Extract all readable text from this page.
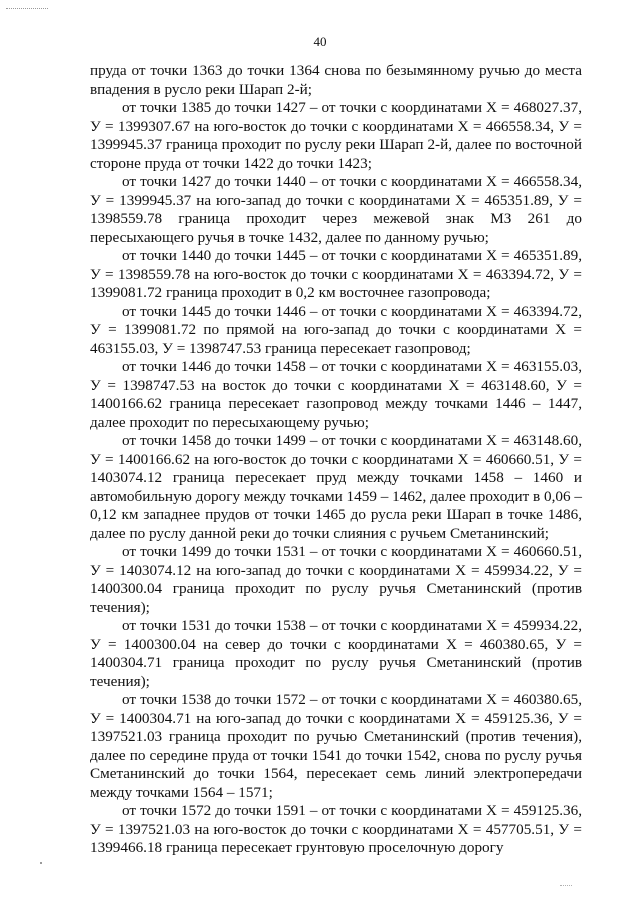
40

пруда от точки 1363 до точки 1364 снова по безымянному ручью до места впадения в русло реки Шарап 2-й;

от точки 1385 до точки 1427 – от точки с координатами Х = 468027.37, У = 1399307.67 на юго-восток до точки с координатами Х = 466558.34, У = 1399945.37 граница проходит по руслу реки Шарап 2-й, далее по восточной стороне пруда от точки 1422 до точки 1423;

от точки 1427 до точки 1440 – от точки с координатами Х = 466558.34, У = 1399945.37 на юго-запад до точки с координатами Х = 465351.89, У = 1398559.78 граница проходит через межевой знак МЗ 261 до пересыхающего ручья в точке 1432, далее по данному ручью;

от точки 1440 до точки 1445 – от точки с координатами Х = 465351.89, У = 1398559.78 на юго-восток до точки с координатами Х = 463394.72, У = 1399081.72 граница проходит в 0,2 км восточнее газопровода;

от точки 1445 до точки 1446 – от точки с координатами Х = 463394.72, У = 1399081.72 по прямой на юго-запад до точки с координатами Х = 463155.03, У = 1398747.53 граница пересекает газопровод;

от точки 1446 до точки 1458 – от точки с координатами Х = 463155.03, У = 1398747.53 на восток до точки с координатами Х = 463148.60, У = 1400166.62 граница пересекает газопровод между точками 1446 – 1447, далее проходит по пересыхающему ручью;

от точки 1458 до точки 1499 – от точки с координатами Х = 463148.60, У = 1400166.62 на юго-восток до точки с координатами Х = 460660.51, У = 1403074.12 граница пересекает пруд между точками 1458 – 1460 и автомобильную дорогу между точками 1459 – 1462, далее проходит в 0,06 – 0,12 км западнее прудов от точки 1465 до русла реки Шарап в точке 1486, далее по руслу данной реки до точки слияния с ручьем Сметанинский;

от точки 1499 до точки 1531 – от точки с координатами Х = 460660.51, У = 1403074.12 на юго-запад до точки с координатами Х = 459934.22, У = 1400300.04 граница проходит по руслу ручья Сметанинский (против течения);

от точки 1531 до точки 1538 – от точки с координатами Х = 459934.22, У = 1400300.04 на север до точки с координатами Х = 460380.65, У = 1400304.71 граница проходит по руслу ручья Сметанинский (против течения);

от точки 1538 до точки 1572 – от точки с координатами Х = 460380.65, У = 1400304.71 на юго-запад до точки с координатами Х = 459125.36, У = 1397521.03 граница проходит по ручью Сметанинский (против течения), далее по середине пруда от точки 1541 до точки 1542, снова по руслу ручья Сметанинский до точки 1564, пересекает семь линий электропередачи между точками 1564 – 1571;

от точки 1572 до точки 1591 – от точки с координатами Х = 459125.36, У = 1397521.03 на юго-восток до точки с координатами Х = 457705.51, У = 1399466.18 граница пересекает грунтовую проселочную дорогу
